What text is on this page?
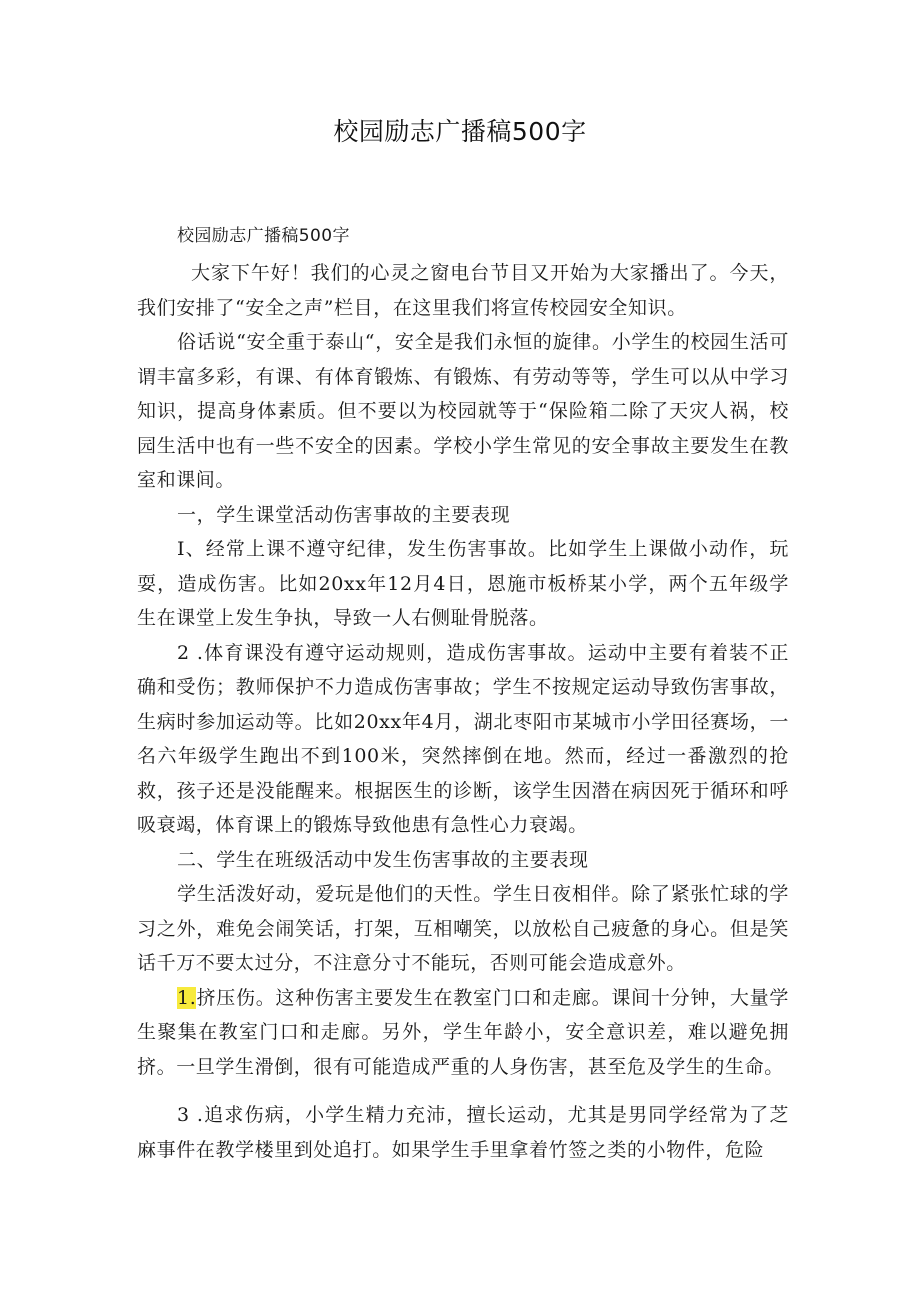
校园励志广播稿500字
校园励志广播稿500字

大家下午好！我们的心灵之窗电台节目又开始为大家播出了。今天，我们安排了“安全之声”栏目，在这里我们将宣传校园安全知识。

俗话说“安全重于泰山“，安全是我们永恒的旋律。小学生的校园生活可谓丰富多彩，有课、有体育锻炼、有锻炼、有劳动等等，学生可以从中学习知识，提高身体素质。但不要以为校园就等于“保险箱二除了天灾人祸，校园生活中也有一些不安全的因素。学校小学生常见的安全事故主要发生在教室和课间。

一，学生课堂活动伤害事故的主要表现

I、经常上课不遵守纪律，发生伤害事故。比如学生上课做小动作，玩耍，造成伤害。比如20xx年12月4日，恩施市板桥某小学，两个五年级学生在课堂上发生争执，导致一人右侧耻骨脱落。

2 .体育课没有遵守运动规则，造成伤害事故。运动中主要有着装不正确和受伤；教师保护不力造成伤害事故；学生不按规定运动导致伤害事故，生病时参加运动等。比如20xx年4月，湖北枣阳市某城市小学田径赛场，一名六年级学生跑出不到100米，突然摔倒在地。然而，经过一番激烈的抢救，孩子还是没能醒来。根据医生的诊断，该学生因潜在病因死于循环和呼吸衰竭，体育课上的锻炼导致他患有急性心力衰竭。

二、学生在班级活动中发生伤害事故的主要表现

学生活泼好动，爱玩是他们的天性。学生日夜相伴。除了紧张忙球的学习之外，难免会闹笑话，打架，互相嘲笑，以放松自己疲惫的身心。但是笑话千万不要太过分，不注意分寸不能玩，否则可能会造成意外。

1.挤压伤。这种伤害主要发生在教室门口和走廊。课间十分钟，大量学生聚集在教室门口和走廊。另外，学生年龄小，安全意识差，难以避免拥挤。一旦学生滑倒，很有可能造成严重的人身伤害，甚至危及学生的生命。

3 .追求伤病，小学生精力充沛，擅长运动，尤其是男同学经常为了芝麻事件在教学楼里到处追打。如果学生手里拿着竹签之类的小物件，危险
